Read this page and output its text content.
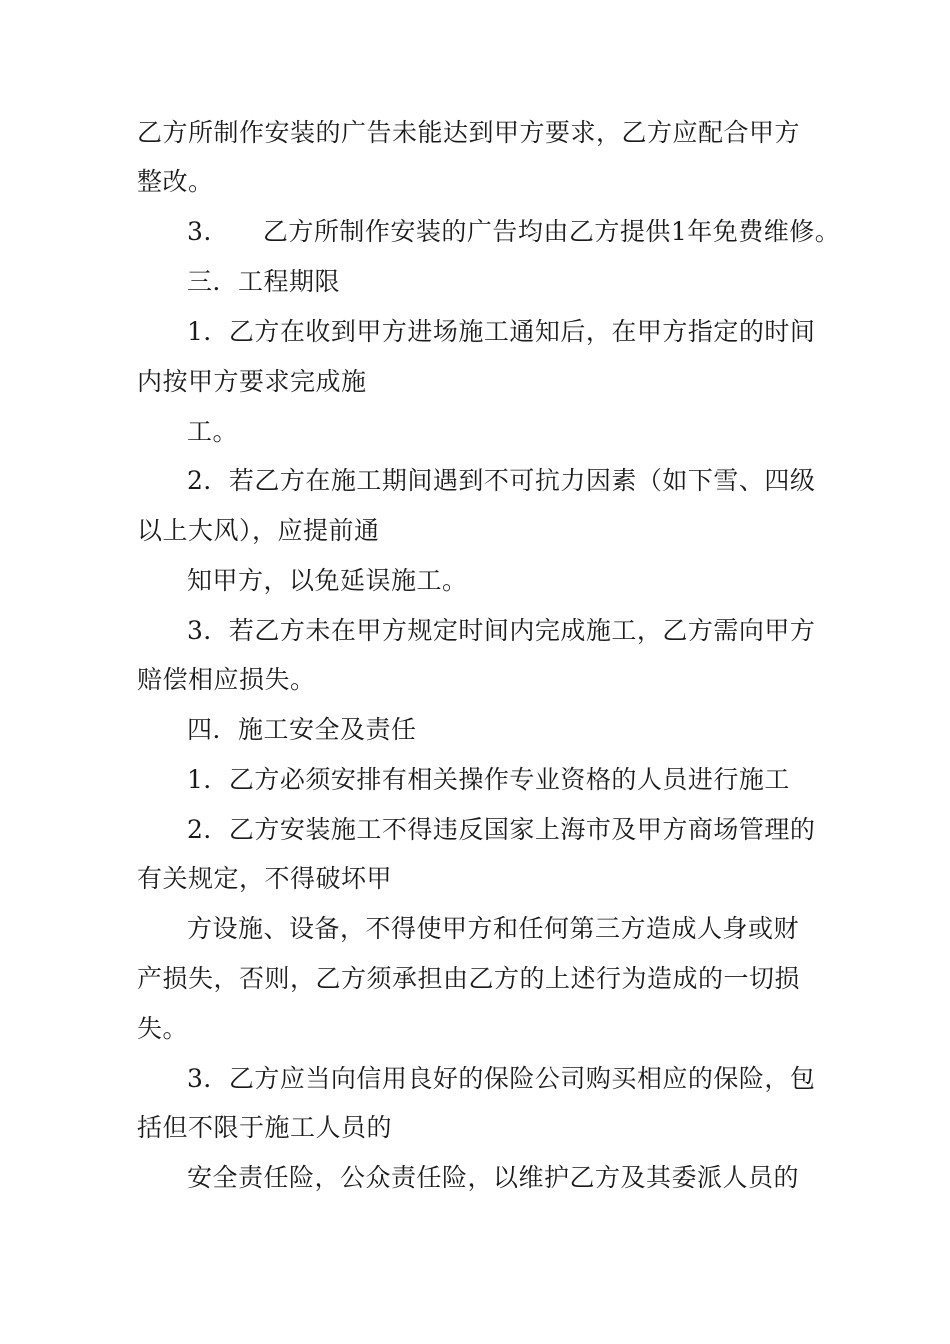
乙方所制作安装的广告未能达到甲方要求，乙方应配合甲方
整改。
3.　　乙方所制作安装的广告均由乙方提供1年免费维修。
三．工程期限
1．乙方在收到甲方进场施工通知后，在甲方指定的时间
内按甲方要求完成施
工。
2．若乙方在施工期间遇到不可抗力因素（如下雪、四级
以上大风），应提前通
知甲方，以免延误施工。
3．若乙方未在甲方规定时间内完成施工，乙方需向甲方
赔偿相应损失。
四．施工安全及责任
1．乙方必须安排有相关操作专业资格的人员进行施工
2．乙方安装施工不得违反国家上海市及甲方商场管理的
有关规定，不得破坏甲
方设施、设备，不得使甲方和任何第三方造成人身或财
产损失，否则，乙方须承担由乙方的上述行为造成的一切损
失。
3．乙方应当向信用良好的保险公司购买相应的保险，包
括但不限于施工人员的
安全责任险，公众责任险，以维护乙方及其委派人员的
